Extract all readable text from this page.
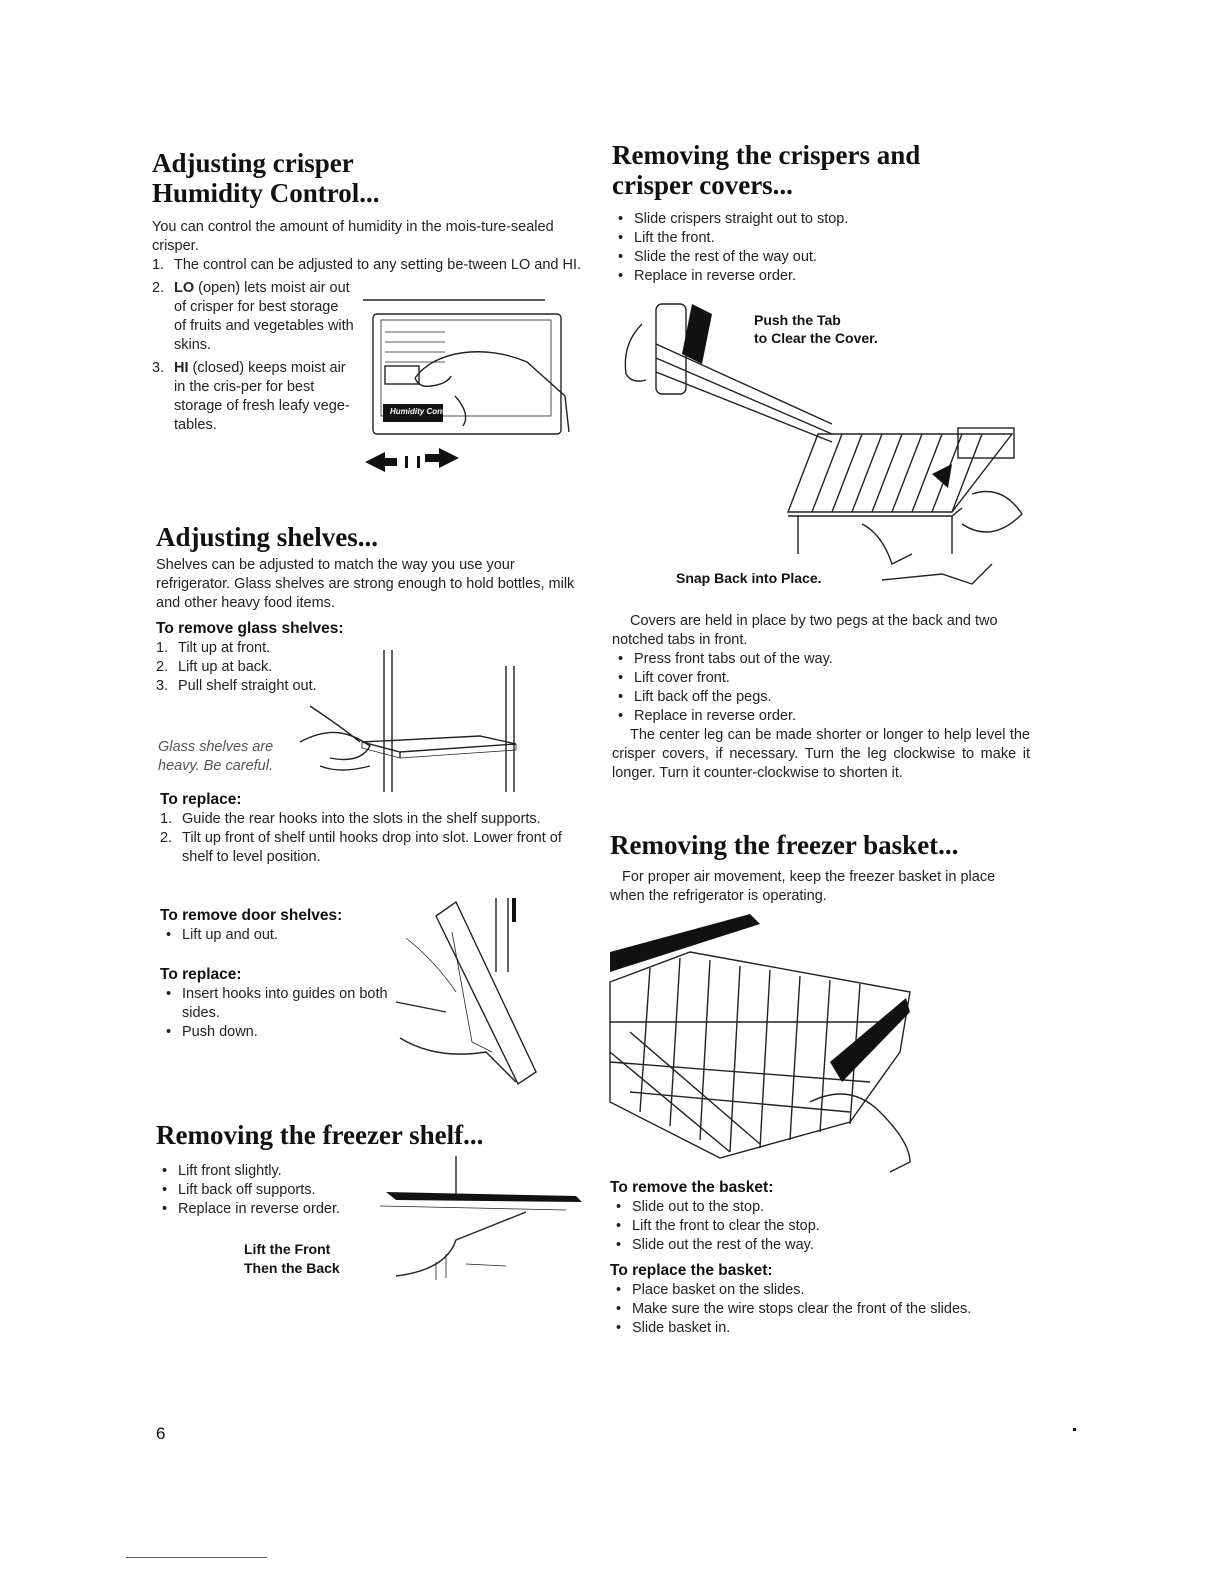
Adjusting crisper
Humidity Control...
You can control the amount of humidity in the mois-ture-sealed crisper.
1. The control can be adjusted to any setting be-tween LO and HI.
2. LO (open) lets moist air out of crisper for best storage of fruits and vegetables with skins.
3. HI (closed) keeps moist air in the cris-per for best storage of fresh leafy vege-tables.
Humidity Control
Adjusting shelves...
Shelves can be adjusted to match the way you use your refrigerator. Glass shelves are strong enough to hold bottles, milk and other heavy food items.
To remove glass shelves:
1. Tilt up at front.
2. Lift up at back.
3. Pull shelf straight out.
Glass shelves are heavy. Be careful.
To replace:
1. Guide the rear hooks into the slots in the shelf supports.
2. Tilt up front of shelf until hooks drop into slot. Lower front of shelf to level position.
To remove door shelves:
• Lift up and out.
To replace:
• Insert hooks into guides on both sides.
• Push down.
Removing the freezer shelf...
• Lift front slightly.
• Lift back off supports.
• Replace in reverse order.
Lift the Front
Then the Back
Removing the crispers and
crisper covers...
• Slide crispers straight out to stop.
• Lift the front.
• Slide the rest of the way out.
• Replace in reverse order.
Push the Tab
to Clear the Cover.
Snap Back into Place.
Covers are held in place by two pegs at the back and two notched tabs in front.
• Press front tabs out of the way.
• Lift cover front.
• Lift back off the pegs.
• Replace in reverse order.
The center leg can be made shorter or longer to help level the crisper covers, if necessary. Turn the leg clockwise to make it longer. Turn it counter-clockwise to shorten it.
Removing the freezer basket...
For proper air movement, keep the freezer basket in place when the refrigerator is operating.
To remove the basket:
• Slide out to the stop.
• Lift the front to clear the stop.
• Slide out the rest of the way.
To replace the basket:
• Place basket on the slides.
• Make sure the wire stops clear the front of the slides.
• Slide basket in.
6
